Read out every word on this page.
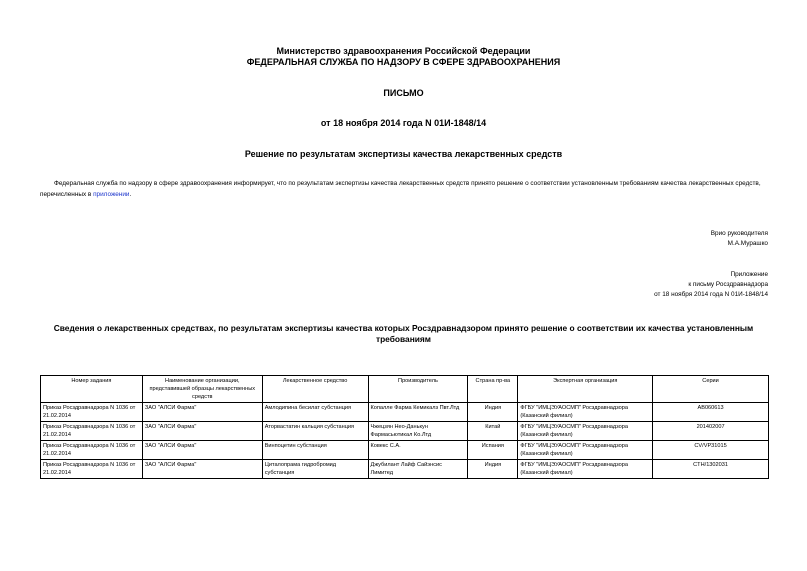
Министерство здравоохранения Российской Федерации
ФЕДЕРАЛЬНАЯ СЛУЖБА ПО НАДЗОРУ В СФЕРЕ ЗДРАВООХРАНЕНИЯ
ПИСЬМО
от 18 ноября 2014 года N 01И-1848/14
Решение по результатам экспертизы качества лекарственных средств
Федеральная служба по надзору в сфере здравоохранения информирует, что по результатам экспертизы качества лекарственных средств принято решение о соответствии установленным требованиям качества лекарственных средств, перечисленных в приложении.
Врио руководителя
М.А.Мурашко
Приложение
к письму Росздравнадзора
от 18 ноября 2014 года N 01И-1848/14
Сведения о лекарственных средствах, по результатам экспертизы качества которых Росздравнадзором принято решение о соответствии их качества установленным требованиям
Номер задания	Наименование организации, представившей образцы лекарственных средств	Лекарственное средство	Производитель	Страна пр-ва	Экспертная организация	Серии
Приказ Росздравнадзора N 1036 от 21.02.2014	ЗАО "АЛСИ Фарма"	Амлодипина бесилат субстанция	Копалле Фарма Кемикалз Пвт.Лтд	Индия	ФГБУ "ИМЦЭУАОСМП" Росздравнадзора (Казанский филиал)	AB060613
Приказ Росздравнадзора N 1036 от 21.02.2014	ЗАО "АЛСИ Фарма"	Аторвастатин кальция субстанция	Чжецзян Нео-Данькун Фармасьютикал Ко.Лтд	Китай	ФГБУ "ИМЦЭУАОСМП" Росздравнадзора (Казанский филиал)	201402007
Приказ Росздравнадзора N 1036 от 21.02.2014	ЗАО "АЛСИ Фарма"	Винпоцетин субстанция	Ковекс С.А.	Испания	ФГБУ "ИМЦЭУАОСМП" Росздравнадзора (Казанский филиал)	CV/VP31015
Приказ Росздравнадзора N 1036 от 21.02.2014	ЗАО "АЛСИ Фарма"	Циталопрама гидробромид субстанция	Джубилант Лайф Сайэнсис Лимитед	Индия	ФГБУ "ИМЦЭУАОСМП" Росздравнадзора (Казанский филиал)	CTH/1302031
